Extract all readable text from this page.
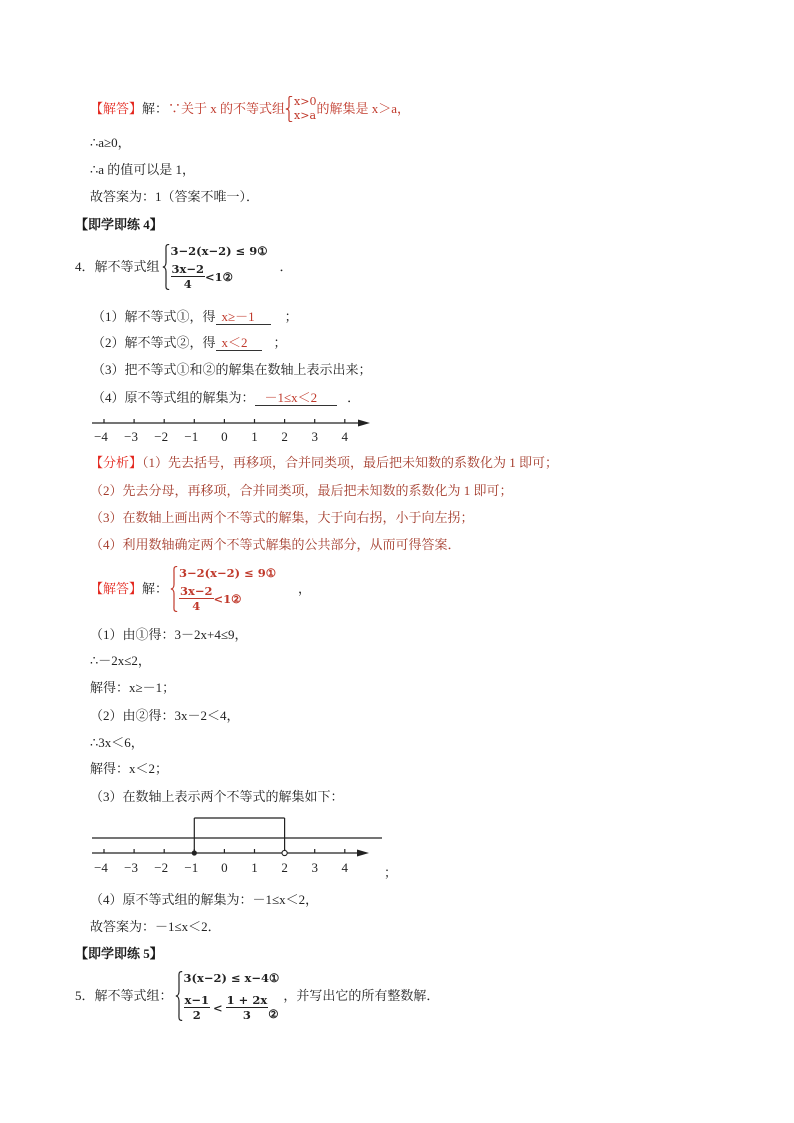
【解答】 解： ∵关于 x 的不等式组 x>0
x>a 的解集是 x＞a，
∴a≥0，
∴a 的值可以是 1，
故答案为：1（答案不唯一）．
【即学即练 4】
4． 解不等式组
3−2(x−2) ≤ 9①
$\frac{3x-2}{4}$ <1②
．
（1）解不等式①，得 x≥－1 ；
（2）解不等式②，得 x＜2 ；
（3）把不等式①和②的解集在数轴上表示出来；
（4）原不等式组的解集为： －1≤x＜2 ．
−4 −3 −2 −1 0 1 2 3 4
【分析】（1）先去括号，再移项，合并同类项，最后把未知数的系数化为 1 即可；
（2）先去分母，再移项，合并同类项，最后把未知数的系数化为 1 即可；
（3）在数轴上画出两个不等式的解集，大于向右拐，小于向左拐；
（4）利用数轴确定两个不等式解集的公共部分，从而可得答案．
【解答】 解：
3−2(x−2) ≤ 9①
$\frac{3x-2}{4}$ <1②
，
（1）由①得：3－2x+4≤9，
∴－2x≤2，
解得：x≥－1；
（2）由②得：3x－2＜4，
∴3x＜6，
解得：x＜2；
（3）在数轴上表示两个不等式的解集如下：
−4 −3 −2 −1 0 1 2 3 4	；
（4）原不等式组的解集为：－1≤x＜2，
故答案为：－1≤x＜2．
【即学即练 5】
5． 解不等式组：
3(x−2) ≤ x−4①
$\frac{x-1}{2} < \frac{1 + 2x}{3}$ ②
，并写出它的所有整数解．
